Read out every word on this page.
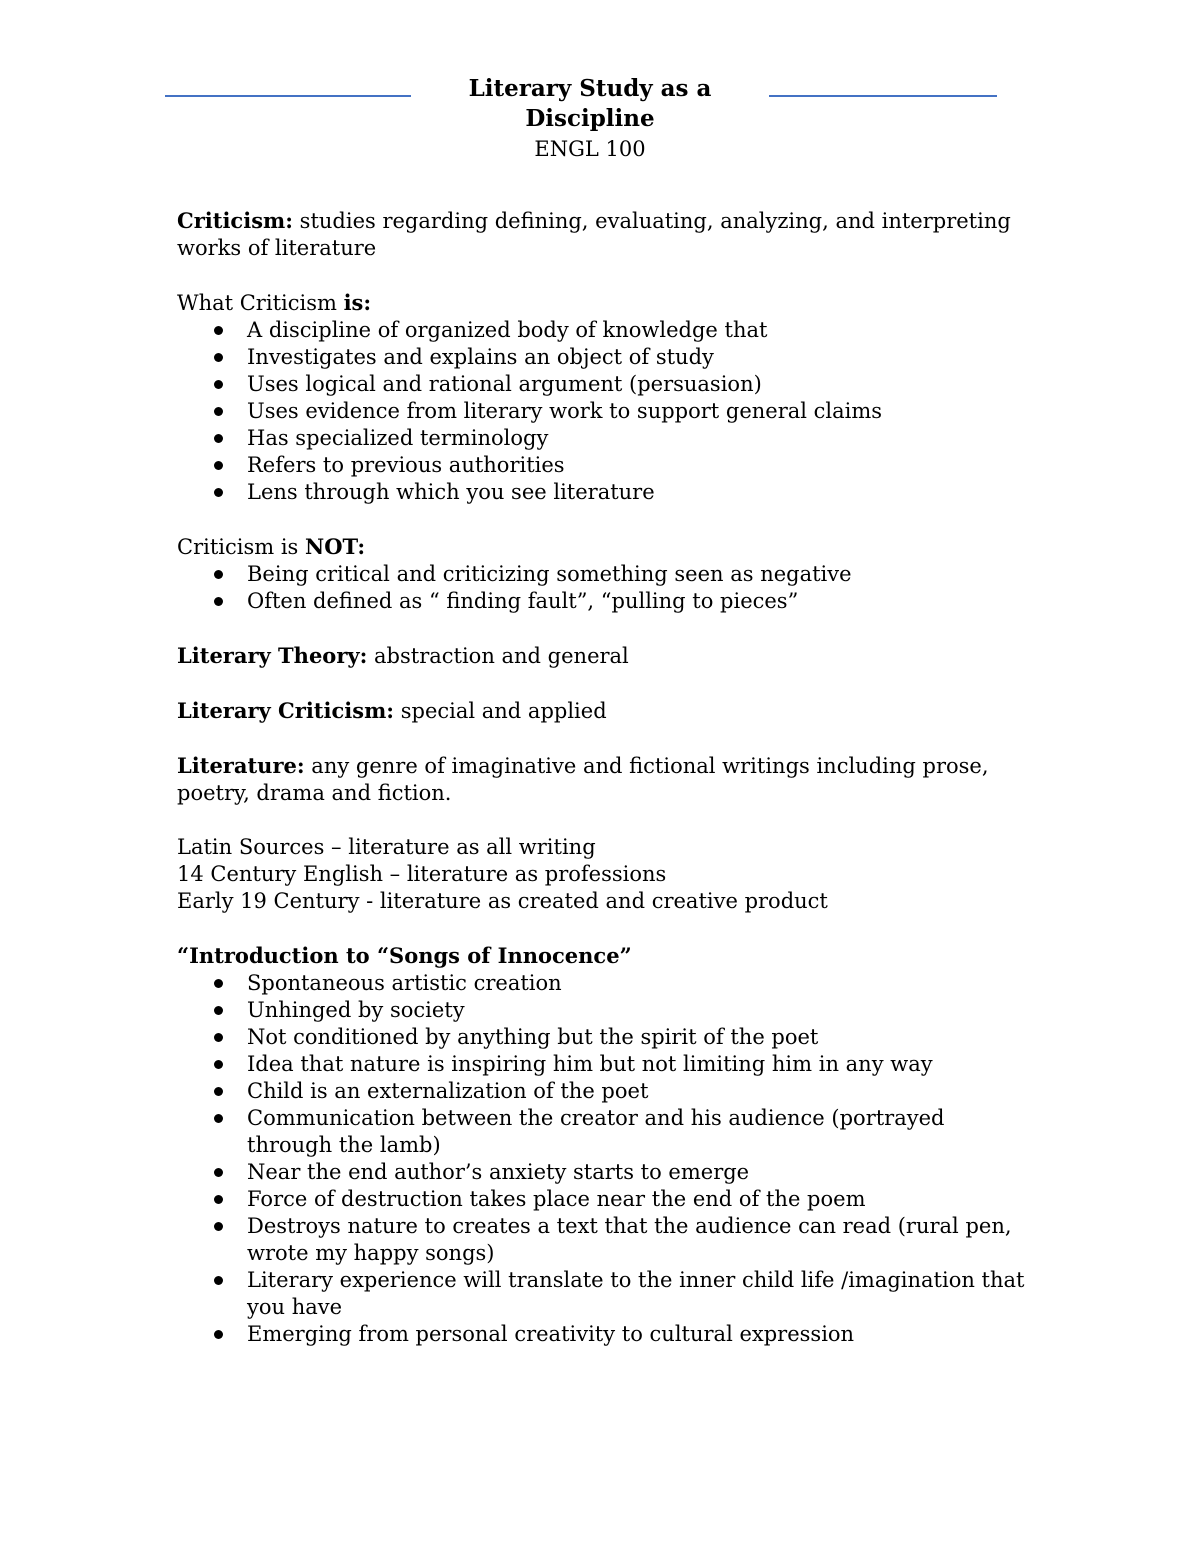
Literary Study as a
Discipline
ENGL 100

Criticism: studies regarding defining, evaluating, analyzing, and interpreting works of literature

What Criticism is:

A discipline of organized body of knowledge that
Investigates and explains an object of study
Uses logical and rational argument (persuasion)
Uses evidence from literary work to support general claims
Has specialized terminology
Refers to previous authorities
Lens through which you see literature

Criticism is NOT:

Being critical and criticizing something seen as negative
Often defined as “ finding fault”, “pulling to pieces”

Literary Theory: abstraction and general

Literary Criticism: special and applied

Literature: any genre of imaginative and fictional writings including prose, poetry, drama and fiction.

Latin Sources – literature as all writing

14 Century English – literature as professions

Early 19 Century - literature as created and creative product

“Introduction to “Songs of Innocence”

Spontaneous artistic creation
Unhinged by society
Not conditioned by anything but the spirit of the poet
Idea that nature is inspiring him but not limiting him in any way
Child is an externalization of the poet
Communication between the creator and his audience (portrayed through the lamb)
Near the end author’s anxiety starts to emerge
Force of destruction takes place near the end of the poem
Destroys nature to creates a text that the audience can read (rural pen, wrote my happy songs)
Literary experience will translate to the inner child life /imagination that you have
Emerging from personal creativity to cultural expression
